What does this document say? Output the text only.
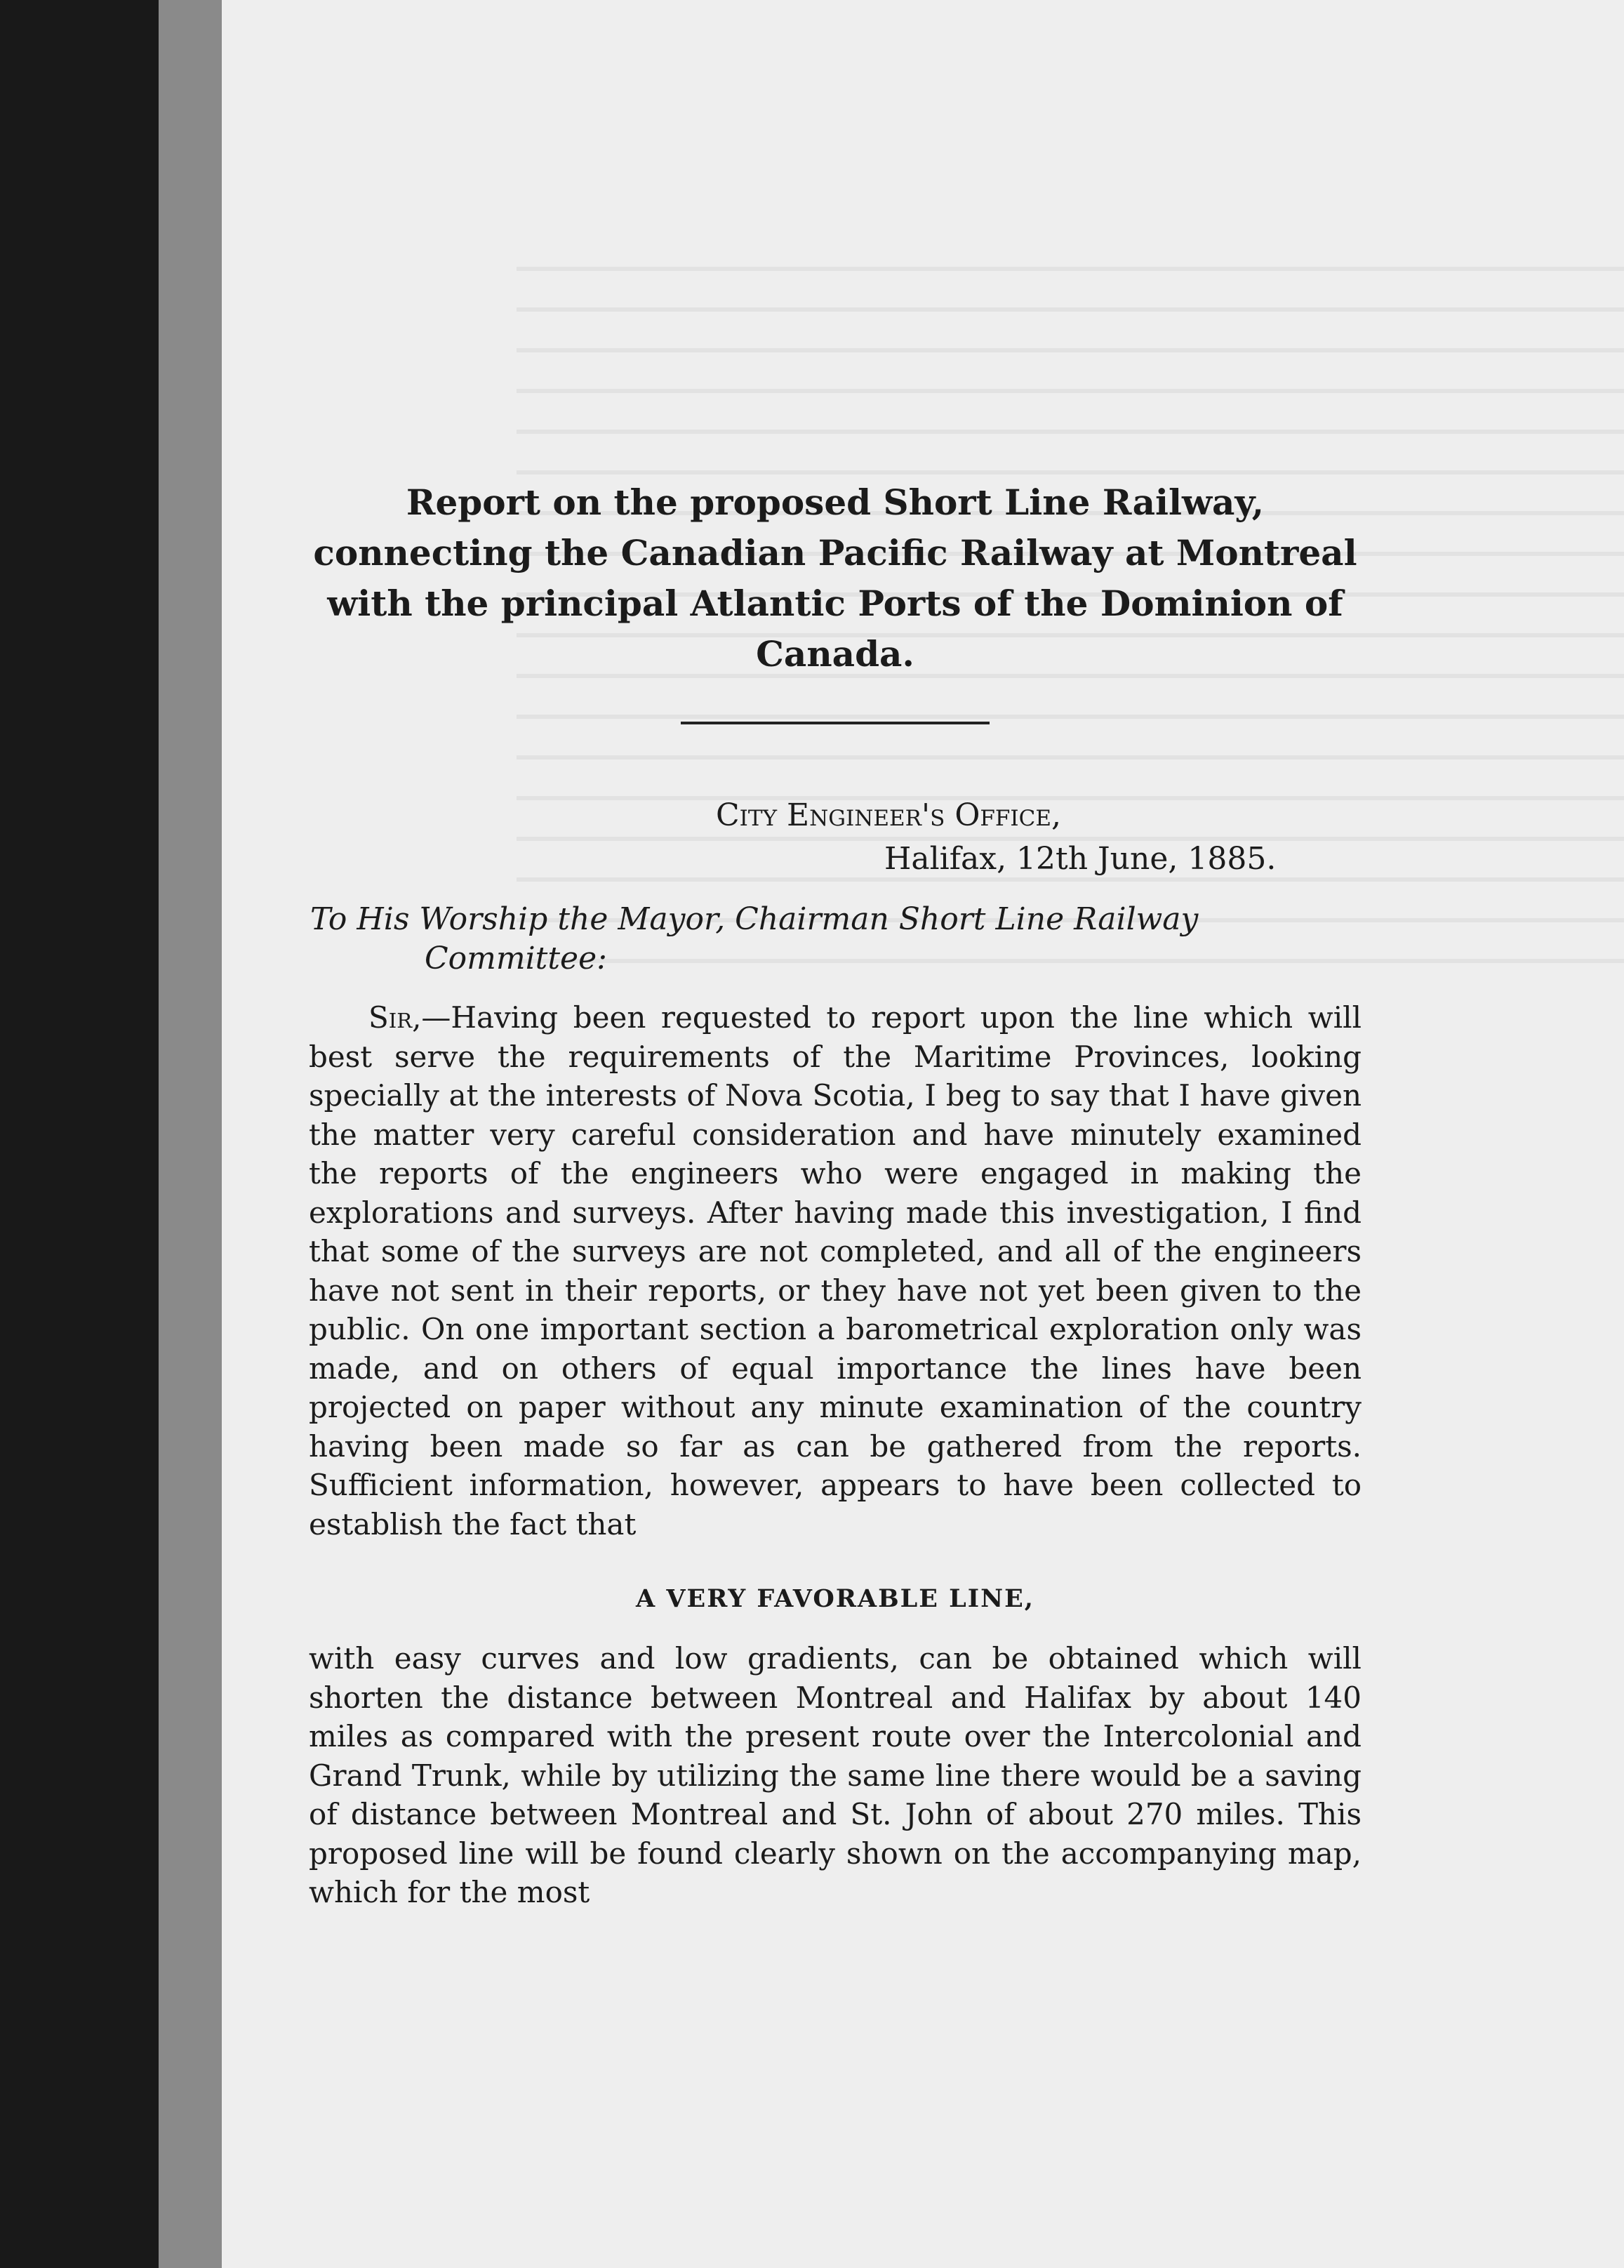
Report on the proposed Short Line Railway, connecting the Canadian Pacific Railway at Montreal with the principal Atlantic Ports of the Dominion of Canada.
City Engineer's Office,
Halifax, 12th June, 1885.
To His Worship the Mayor, Chairman Short Line Railway
Committee:

Sir,—Having been requested to report upon the line which will best serve the requirements of the Maritime Provinces, looking specially at the interests of Nova Scotia, I beg to say that I have given the matter very careful consideration and have minutely examined the reports of the engineers who were engaged in making the explorations and surveys. After having made this investigation, I find that some of the surveys are not completed, and all of the engineers have not sent in their reports, or they have not yet been given to the public. On one important section a barometrical exploration only was made, and on others of equal importance the lines have been projected on paper without any minute examination of the country having been made so far as can be gathered from the reports. Sufficient information, however, appears to have been collected to establish the fact that

A VERY FAVORABLE LINE,

with easy curves and low gradients, can be obtained which will shorten the distance between Montreal and Halifax by about 140 miles as compared with the present route over the Intercolonial and Grand Trunk, while by utilizing the same line there would be a saving of distance between Montreal and St. John of about 270 miles. This proposed line will be found clearly shown on the accompanying map, which for the most
